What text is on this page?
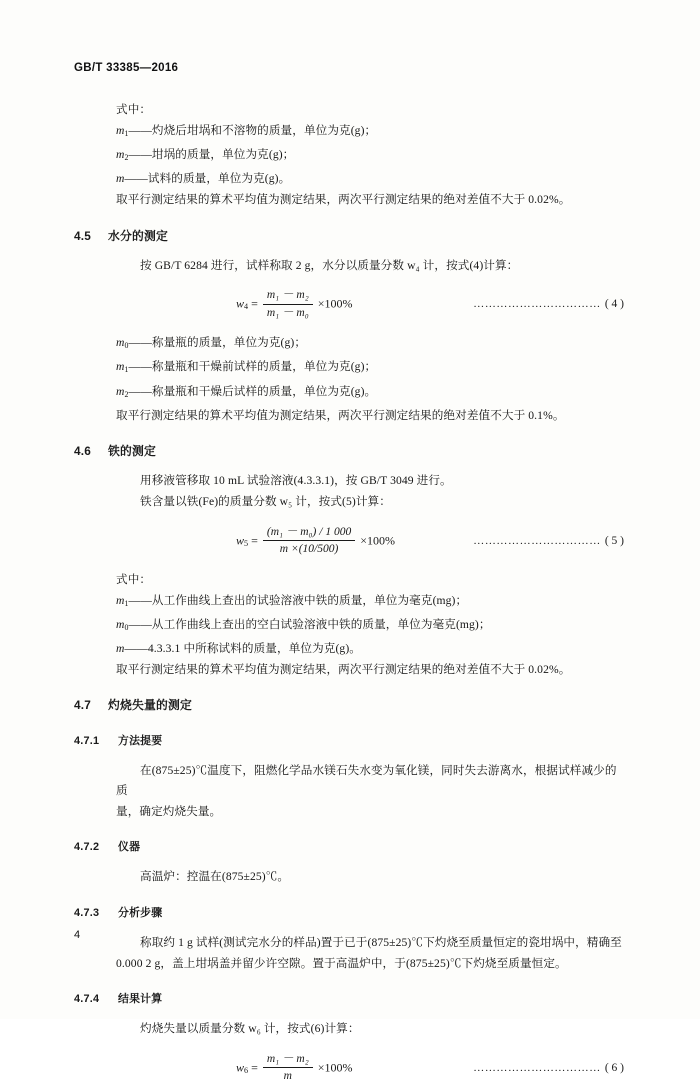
GB/T 33385—2016

式中：

$m_1——$灼烧后坩埚和不溶物的质量，单位为克(g)；

$m_2——$坩埚的质量，单位为克(g)；

m——试料的质量，单位为克(g)。

取平行测定结果的算术平均值为测定结果，两次平行测定结果的绝对差值不大于 0.02%。

4.5 水分的测定

按 GB/T 6284 进行，试样称取 2 g，水分以质量分数 w₄ 计，按式(4)计算：

$w_4 = \frac{\text{m₁ － m₂}}{\text{m₁ － m₀}} \times 100\%$	…………………………… ( 4 )

$m_0——$称量瓶的质量，单位为克(g)；

$m_1——$称量瓶和干燥前试样的质量，单位为克(g)；

$m_2——$称量瓶和干燥后试样的质量，单位为克(g)。

取平行测定结果的算术平均值为测定结果，两次平行测定结果的绝对差值不大于 0.1%。

4.6 铁的测定

用移液管移取 10 mL 试验溶液(4.3.3.1)，按 GB/T 3049 进行。

铁含量以铁(Fe)的质量分数 w₅ 计，按式(5)计算：

$w_5 = \frac{\text{(m₁ － m₀) / 1 000}}{m \times(10/500)} \times 100\%$	…………………………… ( 5 )

式中：

$m_1——$从工作曲线上查出的试验溶液中铁的质量，单位为毫克(mg)；

$m_0——$从工作曲线上查出的空白试验溶液中铁的质量，单位为毫克(mg)；

m——4.3.3.1 中所称试料的质量，单位为克(g)。

取平行测定结果的算术平均值为测定结果，两次平行测定结果的绝对差值不大于 0.02%。

4.7 灼烧失量的测定
4.7.1 方法提要

在(875±25)℃温度下，阻燃化学品水镁石失水变为氧化镁，同时失去游离水，根据试样减少的质

量，确定灼烧失量。

4.7.2 仪器

高温炉：控温在(875±25)℃。

4.7.3 分析步骤

称取约 1 g 试样(测试完水分的样品)置于已于(875±25)℃下灼烧至质量恒定的瓷坩埚中，精确至

0.000 2 g，盖上坩埚盖并留少许空隙。置于高温炉中，于(875±25)℃下灼烧至质量恒定。

4.7.4 结果计算

灼烧失量以质量分数 w₆ 计，按式(6)计算：

$w_6 = \frac{\text{m₁ － m₂}}{m} \times 100\%$	…………………………… ( 6 )
4
